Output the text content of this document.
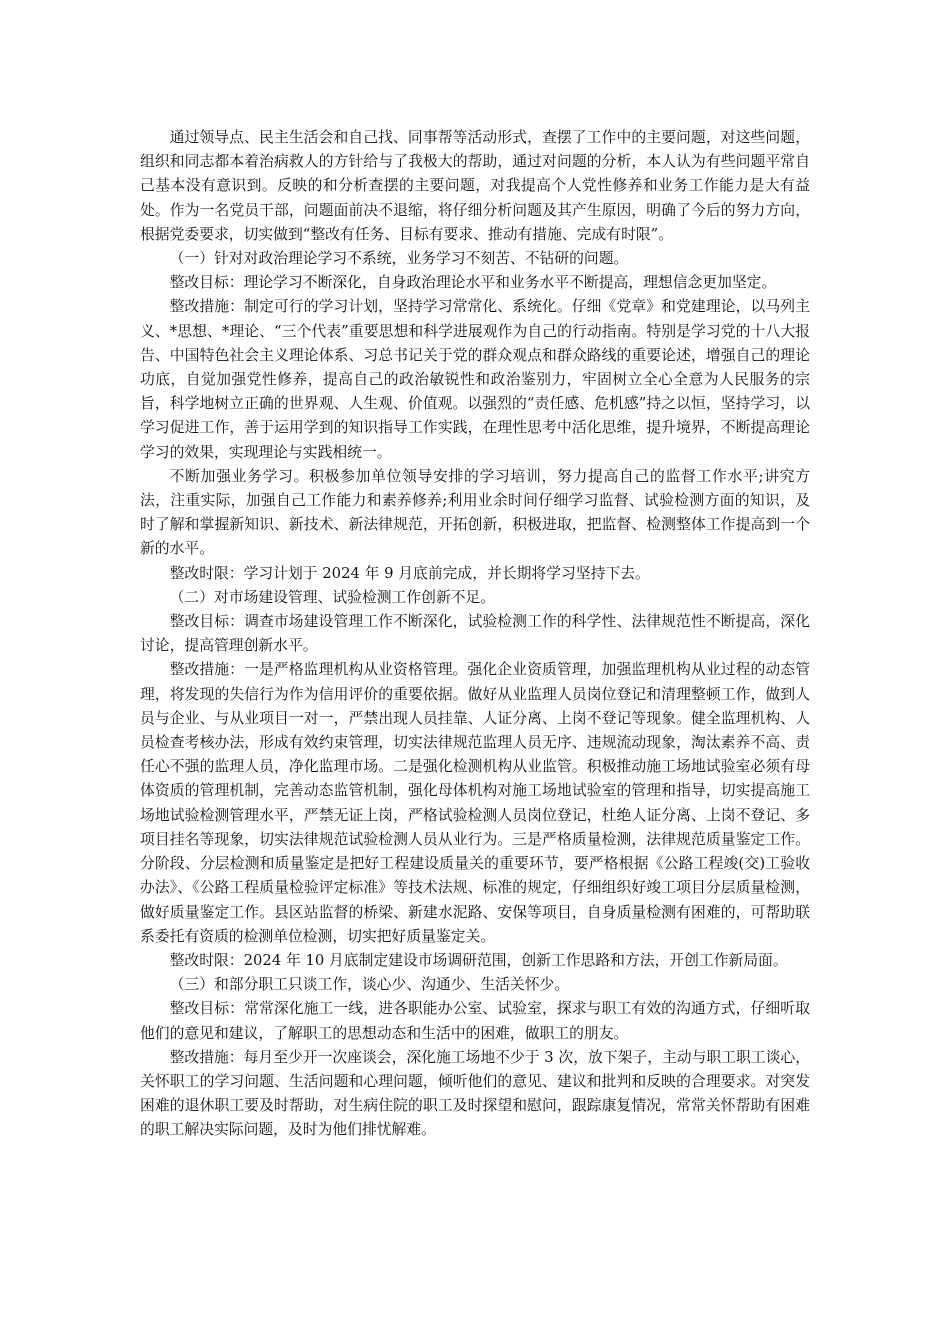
通过领导点、民主生活会和自己找、同事帮等活动形式，查摆了工作中的主要问题，对这些问题，组织和同志都本着治病救人的方针给与了我极大的帮助，通过对问题的分析，本人认为有些问题平常自己基本没有意识到。反映的和分析查摆的主要问题，对我提高个人党性修养和业务工作能力是大有益处。作为一名党员干部，问题面前决不退缩，将仔细分析问题及其产生原因，明确了今后的努力方向，根据党委要求，切实做到“整改有任务、目标有要求、推动有措施、完成有时限”。

（一）针对对政治理论学习不系统，业务学习不刻苦、不钻研的问题。

整改目标：理论学习不断深化，自身政治理论水平和业务水平不断提高，理想信念更加坚定。

整改措施：制定可行的学习计划，坚持学习常常化、系统化。仔细《党章》和党建理论，以马列主义、*思想、*理论、“三个代表”重要思想和科学进展观作为自己的行动指南。特别是学习党的十八大报告、中国特色社会主义理论体系、习总书记关于党的群众观点和群众路线的重要论述，增强自己的理论功底，自觉加强党性修养，提高自己的政治敏锐性和政治鉴别力，牢固树立全心全意为人民服务的宗旨，科学地树立正确的世界观、人生观、价值观。以强烈的“责任感、危机感”持之以恒，坚持学习，以学习促进工作，善于运用学到的知识指导工作实践，在理性思考中活化思维，提升境界，不断提高理论学习的效果，实现理论与实践相统一。

不断加强业务学习。积极参加单位领导安排的学习培训，努力提高自己的监督工作水平;讲究方法，注重实际，加强自己工作能力和素养修养;利用业余时间仔细学习监督、试验检测方面的知识，及时了解和掌握新知识、新技术、新法律规范，开拓创新，积极进取，把监督、检测整体工作提高到一个新的水平。

整改时限：学习计划于 2024 年 9 月底前完成，并长期将学习坚持下去。

（二）对市场建设管理、试验检测工作创新不足。

整改目标：调查市场建设管理工作不断深化，试验检测工作的科学性、法律规范性不断提高，深化讨论，提高管理创新水平。

整改措施：一是严格监理机构从业资格管理。强化企业资质管理，加强监理机构从业过程的动态管理，将发现的失信行为作为信用评价的重要依据。做好从业监理人员岗位登记和清理整顿工作，做到人员与企业、与从业项目一对一，严禁出现人员挂靠、人证分离、上岗不登记等现象。健全监理机构、人员检查考核办法，形成有效约束管理，切实法律规范监理人员无序、违规流动现象，淘汰素养不高、责任心不强的监理人员，净化监理市场。二是强化检测机构从业监管。积极推动施工场地试验室必须有母体资质的管理机制，完善动态监管机制，强化母体机构对施工场地试验室的管理和指导，切实提高施工场地试验检测管理水平，严禁无证上岗，严格试验检测人员岗位登记，杜绝人证分离、上岗不登记、多项目挂名等现象，切实法律规范试验检测人员从业行为。三是严格质量检测，法律规范质量鉴定工作。分阶段、分层检测和质量鉴定是把好工程建设质量关的重要环节，要严格根据《公路工程竣(交)工验收办法》、《公路工程质量检验评定标准》等技术法规、标准的规定，仔细组织好竣工项目分层质量检测，做好质量鉴定工作。县区站监督的桥梁、新建水泥路、安保等项目，自身质量检测有困难的，可帮助联系委托有资质的检测单位检测，切实把好质量鉴定关。

整改时限：2024 年 10 月底制定建设市场调研范围，创新工作思路和方法，开创工作新局面。

（三）和部分职工只谈工作，谈心少、沟通少、生活关怀少。

整改目标：常常深化施工一线，进各职能办公室、试验室，探求与职工有效的沟通方式，仔细听取他们的意见和建议，了解职工的思想动态和生活中的困难，做职工的朋友。

整改措施：每月至少开一次座谈会，深化施工场地不少于 3 次，放下架子，主动与职工职工谈心，关怀职工的学习问题、生活问题和心理问题，倾听他们的意见、建议和批判和反映的合理要求。对突发困难的退休职工要及时帮助，对生病住院的职工及时探望和慰问，跟踪康复情况，常常关怀帮助有困难的职工解决实际问题，及时为他们排忧解难。
